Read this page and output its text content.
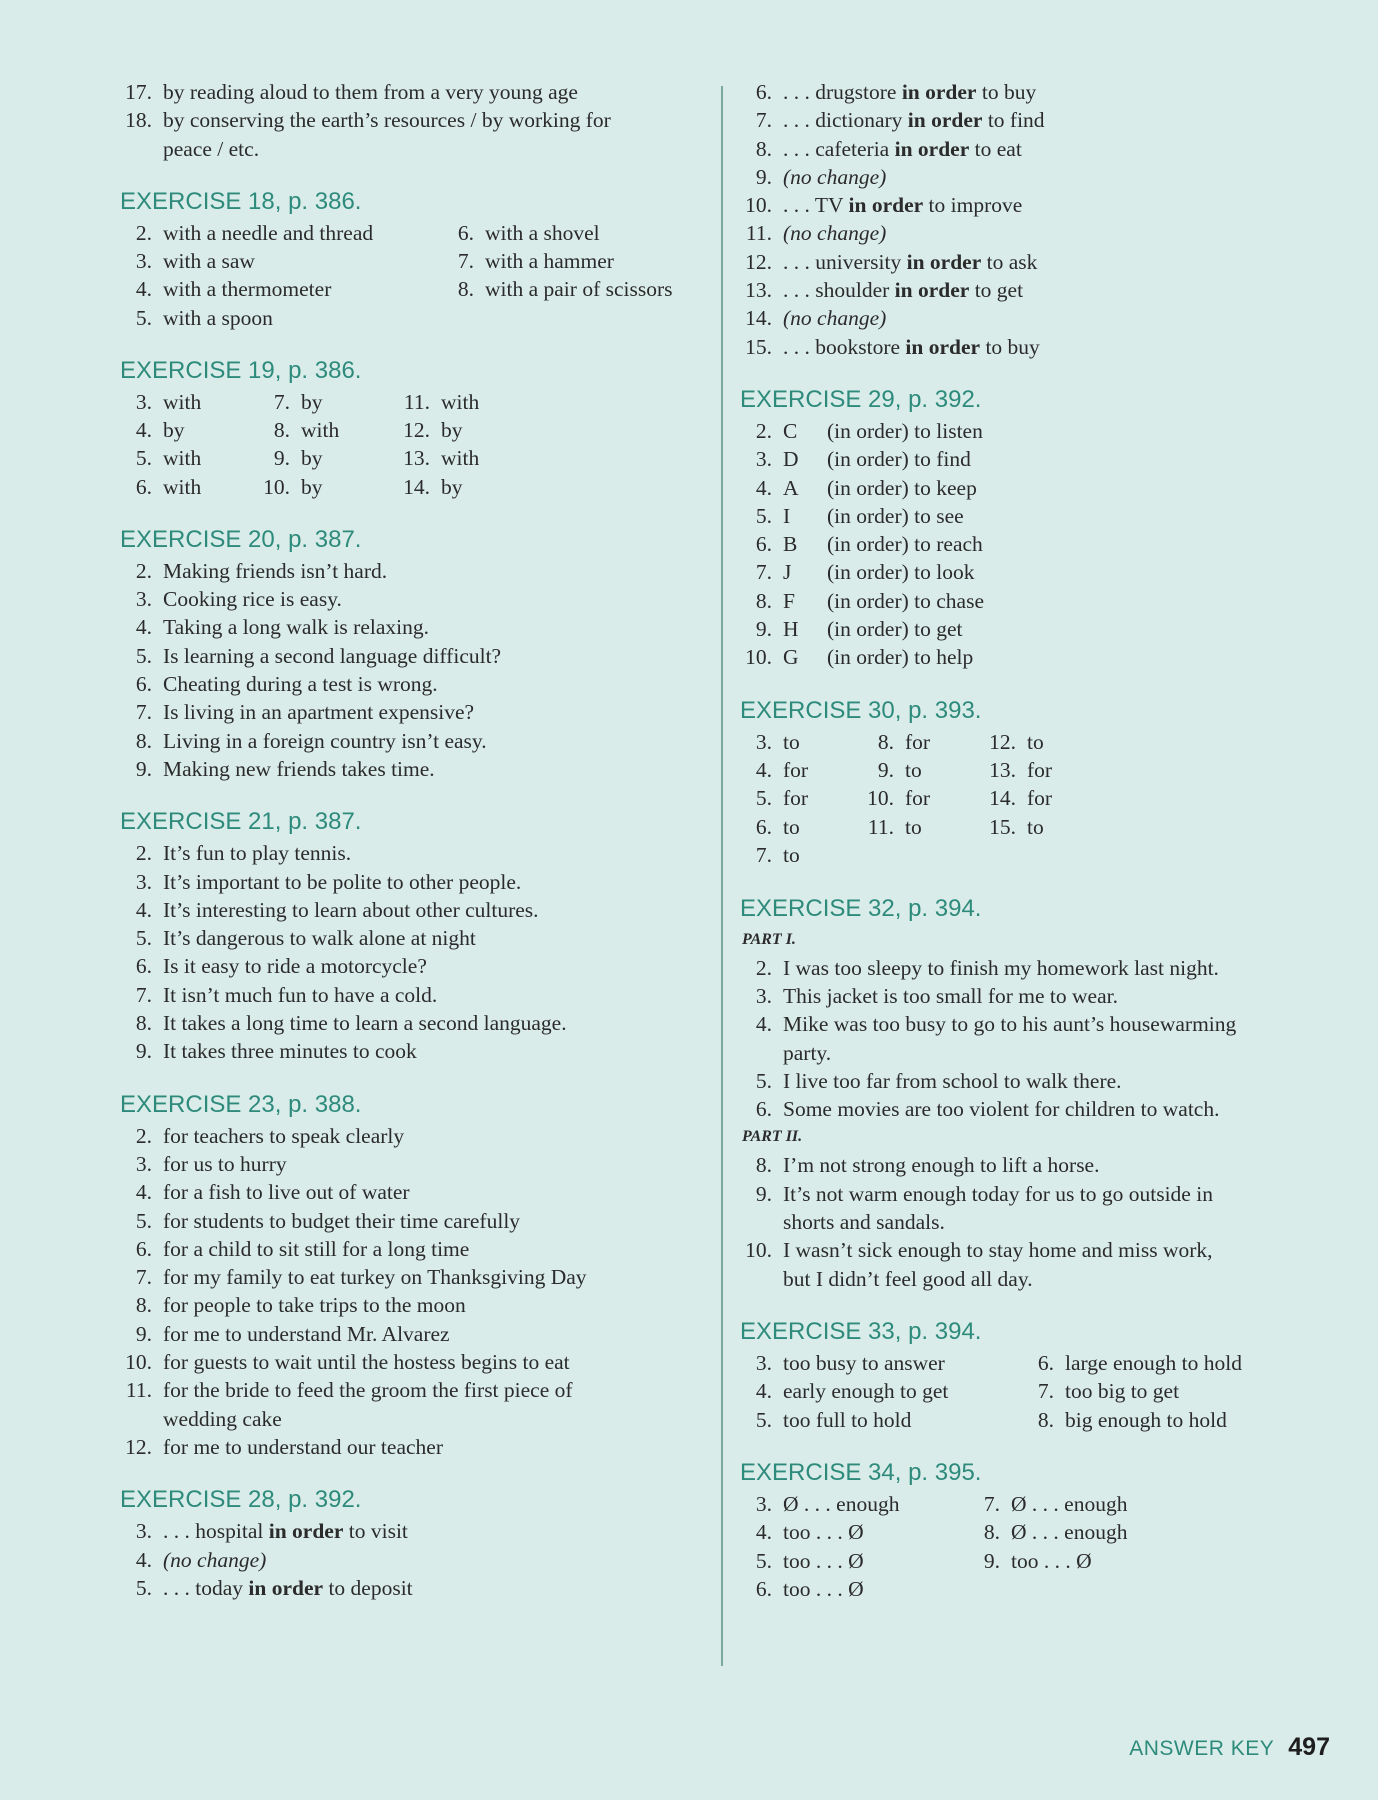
17. by reading aloud to them from a very young age
18. by conserving the earth’s resources / by working for
peace / etc.
EXERCISE 18, p. 386.
2. with a needle and thread
3. with a saw
4. with a thermometer
5. with a spoon
6. with a shovel
7. with a hammer
8. with a pair of scissors
EXERCISE 19, p. 386.
3. with
4. by
5. with
6. with
7. by
8. with
9. by
10. by
11. with
12. by
13. with
14. by
EXERCISE 20, p. 387.
2. Making friends isn’t hard.
3. Cooking rice is easy.
4. Taking a long walk is relaxing.
5. Is learning a second language difficult?
6. Cheating during a test is wrong.
7. Is living in an apartment expensive?
8. Living in a foreign country isn’t easy.
9. Making new friends takes time.
EXERCISE 21, p. 387.
2. It’s fun to play tennis.
3. It’s important to be polite to other people.
4. It’s interesting to learn about other cultures.
5. It’s dangerous to walk alone at night
6. Is it easy to ride a motorcycle?
7. It isn’t much fun to have a cold.
8. It takes a long time to learn a second language.
9. It takes three minutes to cook
EXERCISE 23, p. 388.
2. for teachers to speak clearly
3. for us to hurry
4. for a fish to live out of water
5. for students to budget their time carefully
6. for a child to sit still for a long time
7. for my family to eat turkey on Thanksgiving Day
8. for people to take trips to the moon
9. for me to understand Mr. Alvarez
10. for guests to wait until the hostess begins to eat
11. for the bride to feed the groom the first piece of
wedding cake
12. for me to understand our teacher
EXERCISE 28, p. 392.
3. . . . hospital in order to visit
4. (no change)
5. . . . today in order to deposit
6. . . . drugstore in order to buy
7. . . . dictionary in order to find
8. . . . cafeteria in order to eat
9. (no change)
10. . . . TV in order to improve
11. (no change)
12. . . . university in order to ask
13. . . . shoulder in order to get
14. (no change)
15. . . . bookstore in order to buy
EXERCISE 29, p. 392.
2. C (in order) to listen
3. D (in order) to find
4. A (in order) to keep
5. I (in order) to see
6. B (in order) to reach
7. J (in order) to look
8. F (in order) to chase
9. H (in order) to get
10. G (in order) to help
EXERCISE 30, p. 393.
3. to
4. for
5. for
6. to
7. to
8. for
9. to
10. for
11. to
12. to
13. for
14. for
15. to
EXERCISE 32, p. 394.
PART I.
2. I was too sleepy to finish my homework last night.
3. This jacket is too small for me to wear.
4. Mike was too busy to go to his aunt’s housewarming
party.
5. I live too far from school to walk there.
6. Some movies are too violent for children to watch.
PART II.
8. I’m not strong enough to lift a horse.
9. It’s not warm enough today for us to go outside in
shorts and sandals.
10. I wasn’t sick enough to stay home and miss work,
but I didn’t feel good all day.
EXERCISE 33, p. 394.
3. too busy to answer
4. early enough to get
5. too full to hold
6. large enough to hold
7. too big to get
8. big enough to hold
EXERCISE 34, p. 395.
3. Ø . . . enough
4. too . . . Ø
5. too . . . Ø
6. too . . . Ø
7. Ø . . . enough
8. Ø . . . enough
9. too . . . Ø
ANSWER KEY 497
